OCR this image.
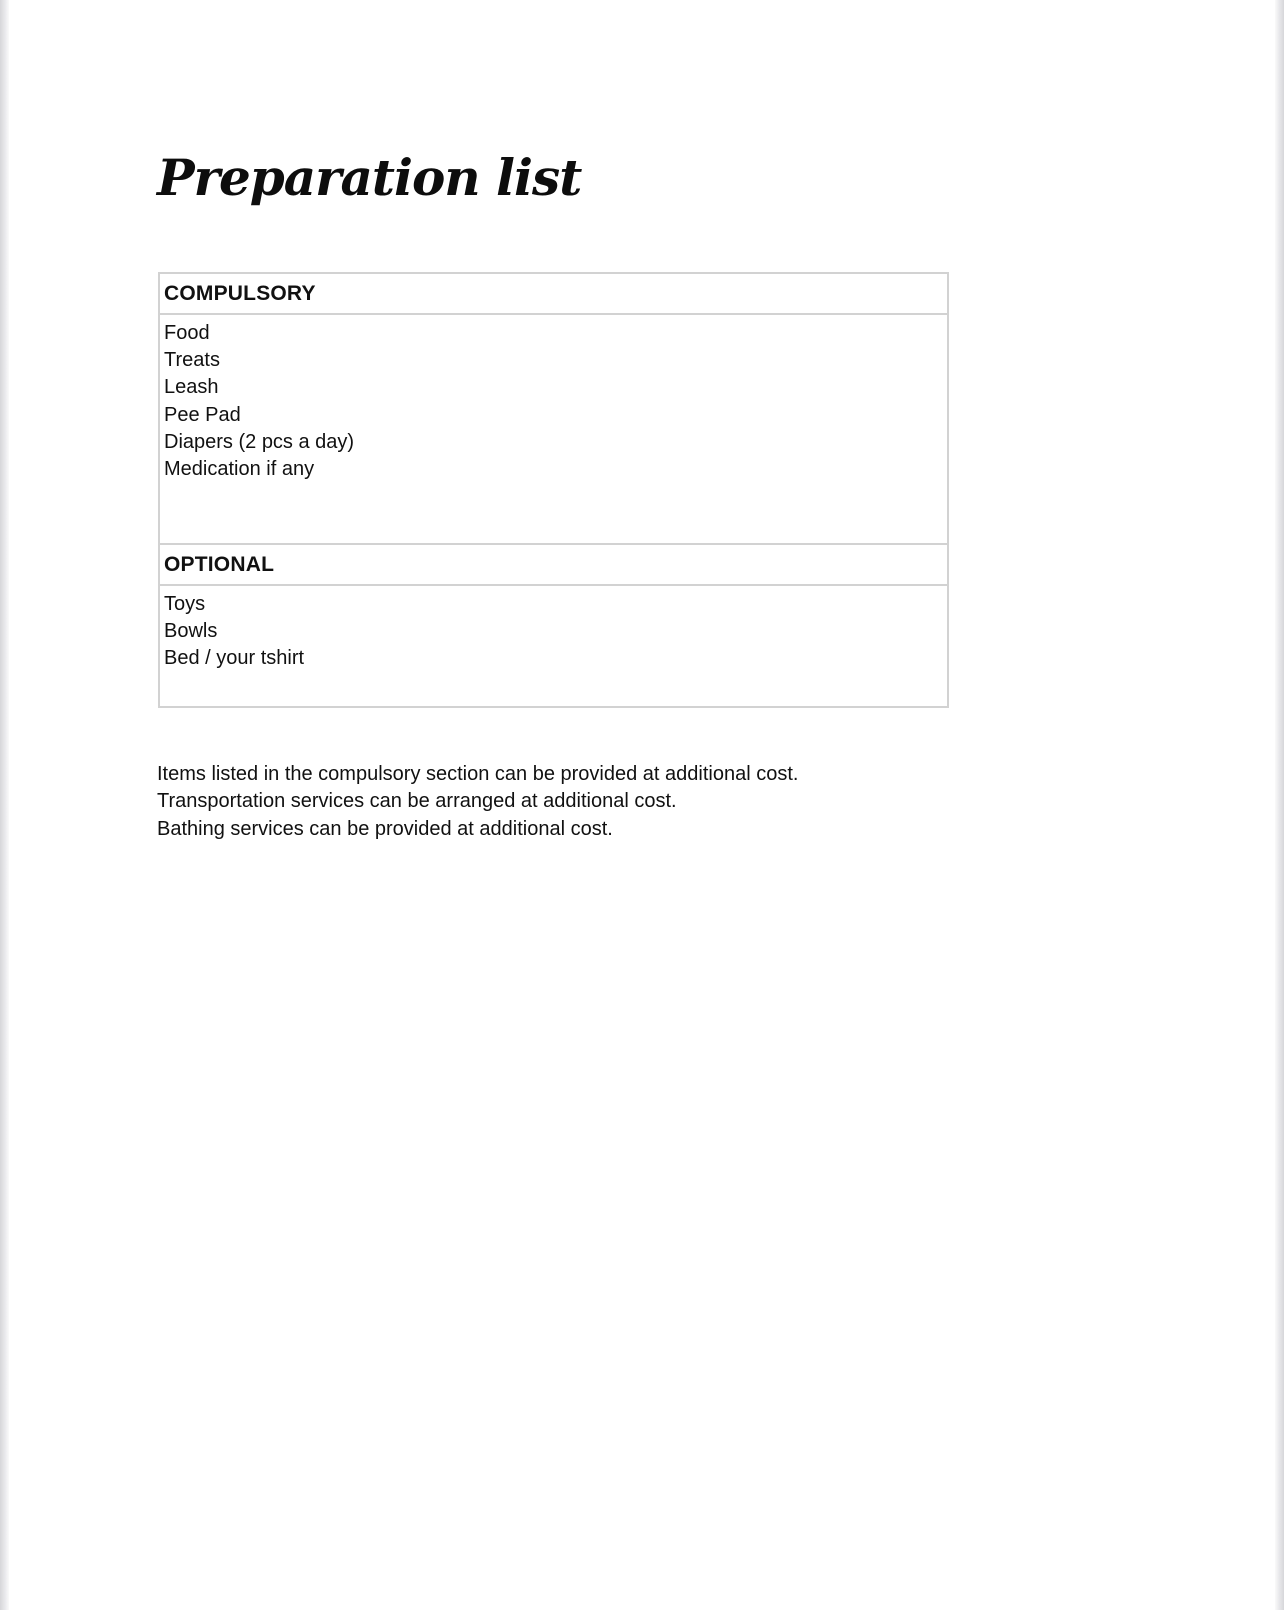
Preparation list
COMPULSORY

Food
Treats
Leash
Pee Pad
Diapers (2 pcs a day)
Medication if any

OPTIONAL

Toys
Bowls
Bed / your tshirt
Items listed in the compulsory section can be provided at additional cost.
Transportation services can be arranged at additional cost.
Bathing services can be provided at additional cost.
